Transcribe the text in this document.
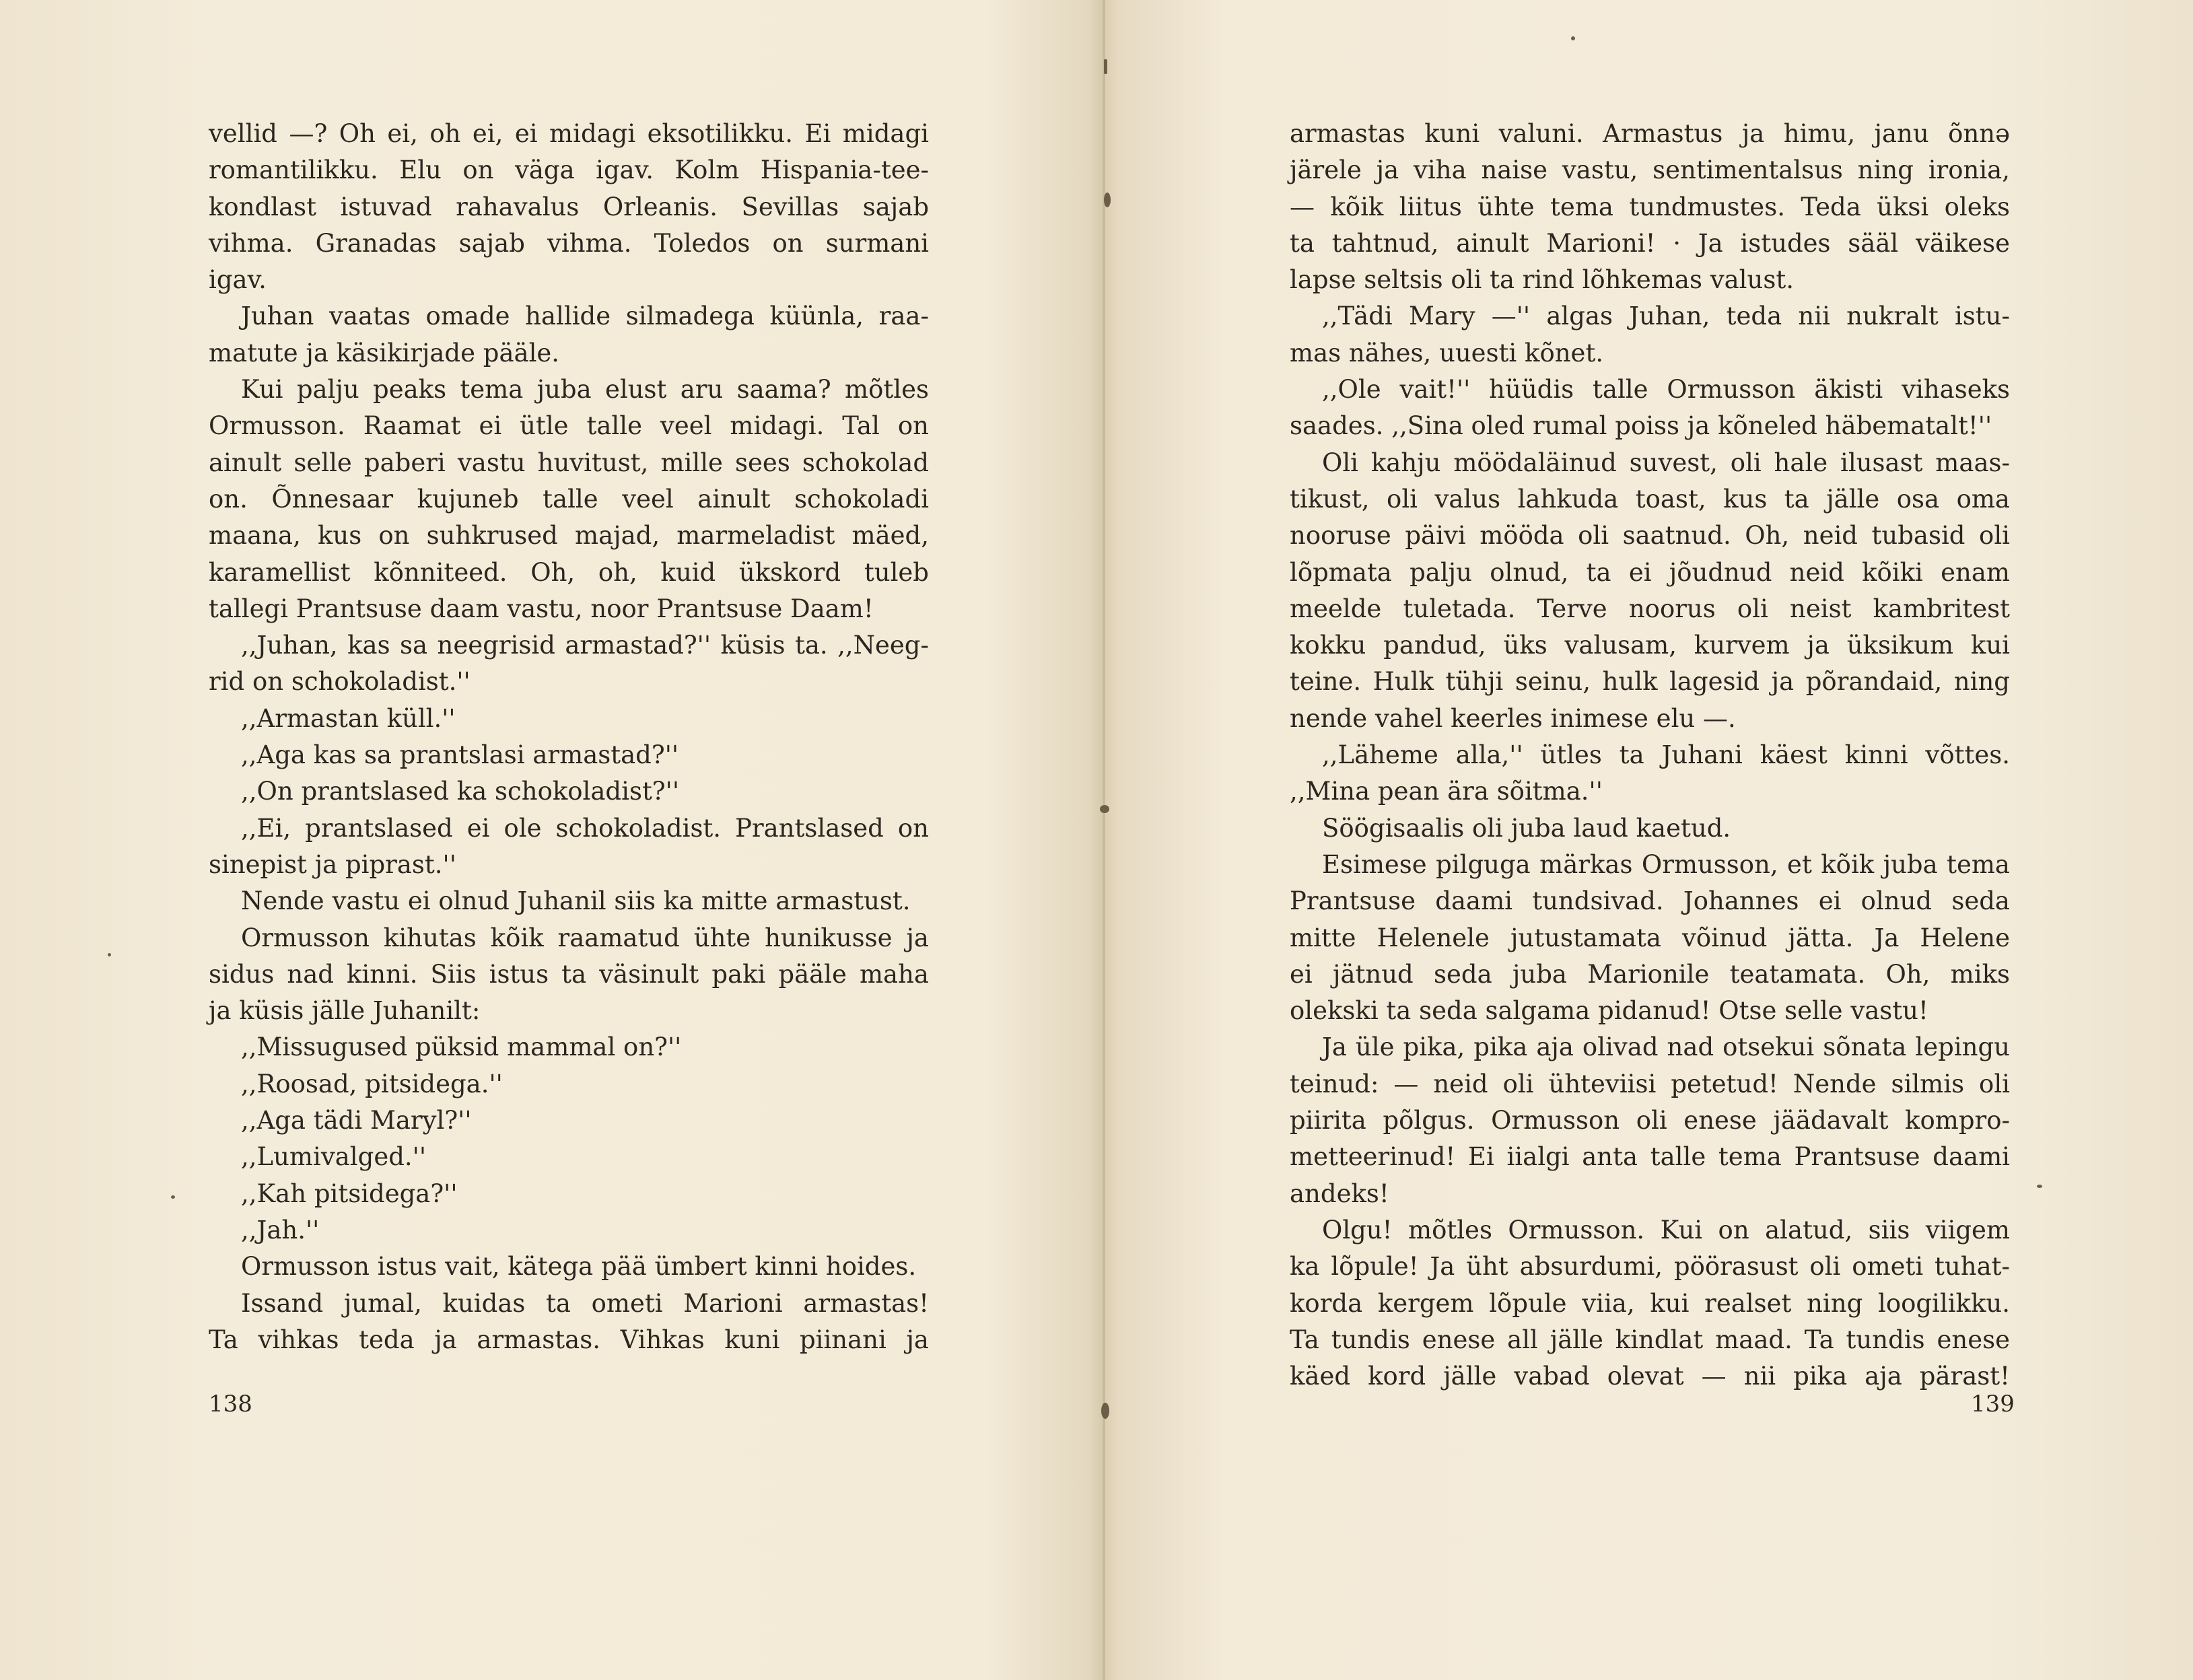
vellid —? Oh ei, oh ei, ei midagi eksotilikku. Ei midagi
romantilikku. Elu on väga igav. Kolm Hispania-tee-
kondlast istuvad rahavalus Orleanis. Sevillas sajab
vihma. Granadas sajab vihma. Toledos on surmani
igav.
Juhan vaatas omade hallide silmadega küünla, raa-
matute ja käsikirjade pääle.
Kui palju peaks tema juba elust aru saama? mõtles
Ormusson. Raamat ei ütle talle veel midagi. Tal on
ainult selle paberi vastu huvitust, mille sees schokolad
on. Õnnesaar kujuneb talle veel ainult schokoladi
maana, kus on suhkrused majad, marmeladist mäed,
karamellist kõnniteed. Oh, oh, kuid ükskord tuleb
tallegi Prantsuse daam vastu, noor Prantsuse Daam!
,,Juhan, kas sa neegrisid armastad?'' küsis ta. ,,Neeg-
rid on schokoladist.''
,,Armastan küll.''
,,Aga kas sa prantslasi armastad?''
,,On prantslased ka schokoladist?''
,,Ei, prantslased ei ole schokoladist. Prantslased on
sinepist ja piprast.''
Nende vastu ei olnud Juhanil siis ka mitte armastust.
Ormusson kihutas kõik raamatud ühte hunikusse ja
sidus nad kinni. Siis istus ta väsinult paki pääle maha
ja küsis jälle Juhanilt:
,,Missugused püksid mammal on?''
,,Roosad, pitsidega.''
,,Aga tädi Maryl?''
,,Lumivalged.''
,,Kah pitsidega?''
,,Jah.''
Ormusson istus vait, kätega pää ümbert kinni hoides.
Issand jumal, kuidas ta ometi Marioni armastas!
Ta vihkas teda ja armastas. Vihkas kuni piinani ja
armastas kuni valuni. Armastus ja himu, janu õnnə
järele ja viha naise vastu, sentimentalsus ning ironia,
— kõik liitus ühte tema tundmustes. Teda üksi oleks
ta tahtnud, ainult Marioni! · Ja istudes sääl väikese
lapse seltsis oli ta rind lõhkemas valust.
,,Tädi Mary —'' algas Juhan, teda nii nukralt istu-
mas nähes, uuesti kõnet.
,,Ole vait!'' hüüdis talle Ormusson äkisti vihaseks
saades. ,,Sina oled rumal poiss ja kõneled häbematalt!''
Oli kahju möödaläinud suvest, oli hale ilusast maas-
tikust, oli valus lahkuda toast, kus ta jälle osa oma
nooruse päivi mööda oli saatnud. Oh, neid tubasid oli
lõpmata palju olnud, ta ei jõudnud neid kõiki enam
meelde tuletada. Terve noorus oli neist kambritest
kokku pandud, üks valusam, kurvem ja üksikum kui
teine. Hulk tühji seinu, hulk lagesid ja põrandaid, ning
nende vahel keerles inimese elu —.
,,Läheme alla,'' ütles ta Juhani käest kinni võttes.
,,Mina pean ära sõitma.''
Söögisaalis oli juba laud kaetud.
Esimese pilguga märkas Ormusson, et kõik juba tema
Prantsuse daami tundsivad. Johannes ei olnud seda
mitte Helenele jutustamata võinud jätta. Ja Helene
ei jätnud seda juba Marionile teatamata. Oh, miks
olekski ta seda salgama pidanud! Otse selle vastu!
Ja üle pika, pika aja olivad nad otsekui sõnata lepingu
teinud: — neid oli ühteviisi petetud! Nende silmis oli
piirita põlgus. Ormusson oli enese jäädavalt kompro-
metteerinud! Ei iialgi anta talle tema Prantsuse daami
andeks!
Olgu! mõtles Ormusson. Kui on alatud, siis viigem
ka lõpule! Ja üht absurdumi, pöörasust oli ometi tuhat-
korda kergem lõpule viia, kui realset ning loogilikku.
Ta tundis enese all jälle kindlat maad. Ta tundis enese
käed kord jälle vabad olevat — nii pika aja pärast!
138	139
